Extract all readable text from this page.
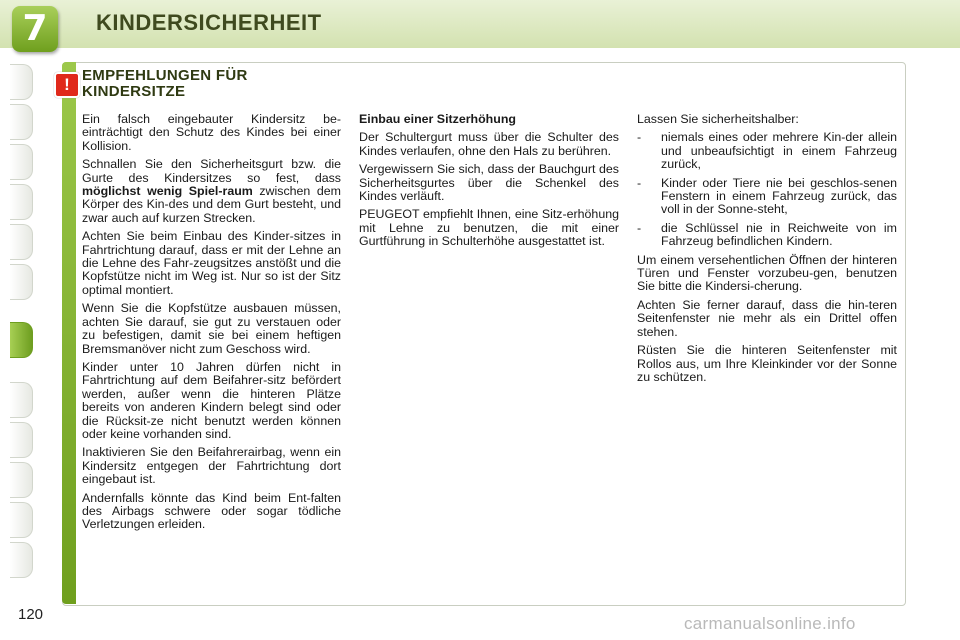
7	KINDERSICHERHEIT
! EMPFEHLUNGEN FÜR
KINDERSITZE

Ein falsch eingebauter Kindersitz be-einträchtigt den Schutz des Kindes bei einer Kollision.

Schnallen Sie den Sicherheitsgurt bzw. die Gurte des Kindersitzes so fest, dass möglichst wenig Spiel-raum zwischen dem Körper des Kin-des und dem Gurt besteht, und zwar auch auf kurzen Strecken.

Achten Sie beim Einbau des Kinder-sitzes in Fahrtrichtung darauf, dass er mit der Lehne an die Lehne des Fahr-zeugsitzes anstößt und die Kopfstütze nicht im Weg ist. Nur so ist der Sitz optimal montiert.

Wenn Sie die Kopfstütze ausbauen müssen, achten Sie darauf, sie gut zu verstauen oder zu befestigen, damit sie bei einem heftigen Bremsmanöver nicht zum Geschoss wird.

Kinder unter 10 Jahren dürfen nicht in Fahrtrichtung auf dem Beifahrer-sitz befördert werden, außer wenn die hinteren Plätze bereits von anderen Kindern belegt sind oder die Rücksit-ze nicht benutzt werden können oder keine vorhanden sind.

Inaktivieren Sie den Beifahrerairbag, wenn ein Kindersitz entgegen der Fahrtrichtung dort eingebaut ist.

Andernfalls könnte das Kind beim Ent-falten des Airbags schwere oder sogar tödliche Verletzungen erleiden.

Einbau einer Sitzerhöhung

Der Schultergurt muss über die Schulter des Kindes verlaufen, ohne den Hals zu berühren.

Vergewissern Sie sich, dass der Bauchgurt des Sicherheitsgurtes über die Schenkel des Kindes verläuft.

PEUGEOT empfiehlt Ihnen, eine Sitz-erhöhung mit Lehne zu benutzen, die mit einer Gurtführung in Schulterhöhe ausgestattet ist.

Lassen Sie sicherheitshalber:

-	niemals eines oder mehrere Kin-der allein und unbeaufsichtigt in einem Fahrzeug zurück,
-	Kinder oder Tiere nie bei geschlos-senen Fenstern in einem Fahrzeug zurück, das voll in der Sonne-steht,
-	die Schlüssel nie in Reichweite von im Fahrzeug befindlichen Kindern.

Um einem versehentlichen Öffnen der hinteren Türen und Fenster vorzubeu-gen, benutzen Sie bitte die Kindersi-cherung.

Achten Sie ferner darauf, dass die hin-teren Seitenfenster nie mehr als ein Drittel offen stehen.

Rüsten Sie die hinteren Seitenfenster mit Rollos aus, um Ihre Kleinkinder vor der Sonne zu schützen.

120	carmanualsonline.info
